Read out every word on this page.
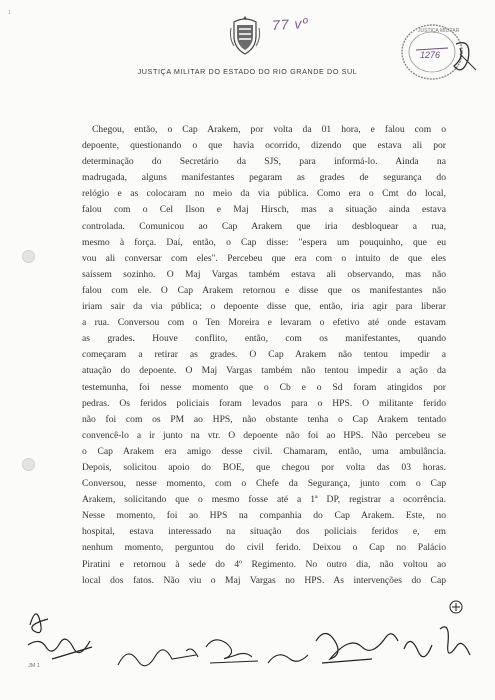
1
77 vº
JUSTIÇA MILITAR DO ESTADO DO RIO GRANDE DO SUL
JUSTIÇA MILITAR
1276
Chegou, então, o Cap Arakem, por volta da 01 hora, e falou com o
depoente, questionando o que havia ocorrido, dizendo que estava ali por
determinação do Secretário da SJS, para informá-lo. Ainda na
madrugada, alguns manifestantes pegaram as grades de segurança do
relógio e as colocaram no meio da via pública. Como era o Cmt do local,
falou com o Cel Ilson e Maj Hirsch, mas a situação ainda estava
controlada. Comunicou ao Cap Arakem que iria desbloquear a rua,
mesmo à força. Daí, então, o Cap disse: "espera um pouquinho, que eu
vou ali conversar com eles". Percebeu que era com o intuito de que eles
saíssem sozinho. O Maj Vargas também estava ali observando, mas não
falou com ele. O Cap Arakem retornou e disse que os manifestantes não
iriam sair da via pública; o depoente disse que, então, iria agir para liberar
a rua. Conversou com o Ten Moreira e levaram o efetivo até onde estavam
as grades. Houve conflito, então, com os manifestantes, quando
começaram a retirar as grades. O Cap Arakem não tentou impedir a
atuação do depoente. O Maj Vargas também não tentou impedir a ação da
testemunha, foi nesse momento que o Cb e o Sd foram atingidos por
pedras. Os feridos policiais foram levados para o HPS. O militante ferido
não foi com os PM ao HPS, não obstante tenha o Cap Arakem tentado
convencê-lo a ir junto na vtr. O depoente não foi ao HPS. Não percebeu se
o Cap Arakem era amigo desse civil. Chamaram, então, uma ambulância.
Depois, solicitou apoio do BOE, que chegou por volta das 03 horas.
Conversou, nesse momento, com o Chefe da Segurança, junto com o Cap
Arakem, solicitando que o mesmo fosse até a 1ª DP, registrar a ocorrência.
Nesse momento, foi ao HPS na companhia do Cap Arakem. Este, no
hospital, estava interessado na situação dos policiais feridos e, em
nenhum momento, perguntou do civil ferido. Deixou o Cap no Palácio
Piratini e retornou à sede do 4º Regimento. No outro dia, não voltou ao
local dos fatos. Não viu o Maj Vargas no HPS. As intervenções do Cap
JM 1
